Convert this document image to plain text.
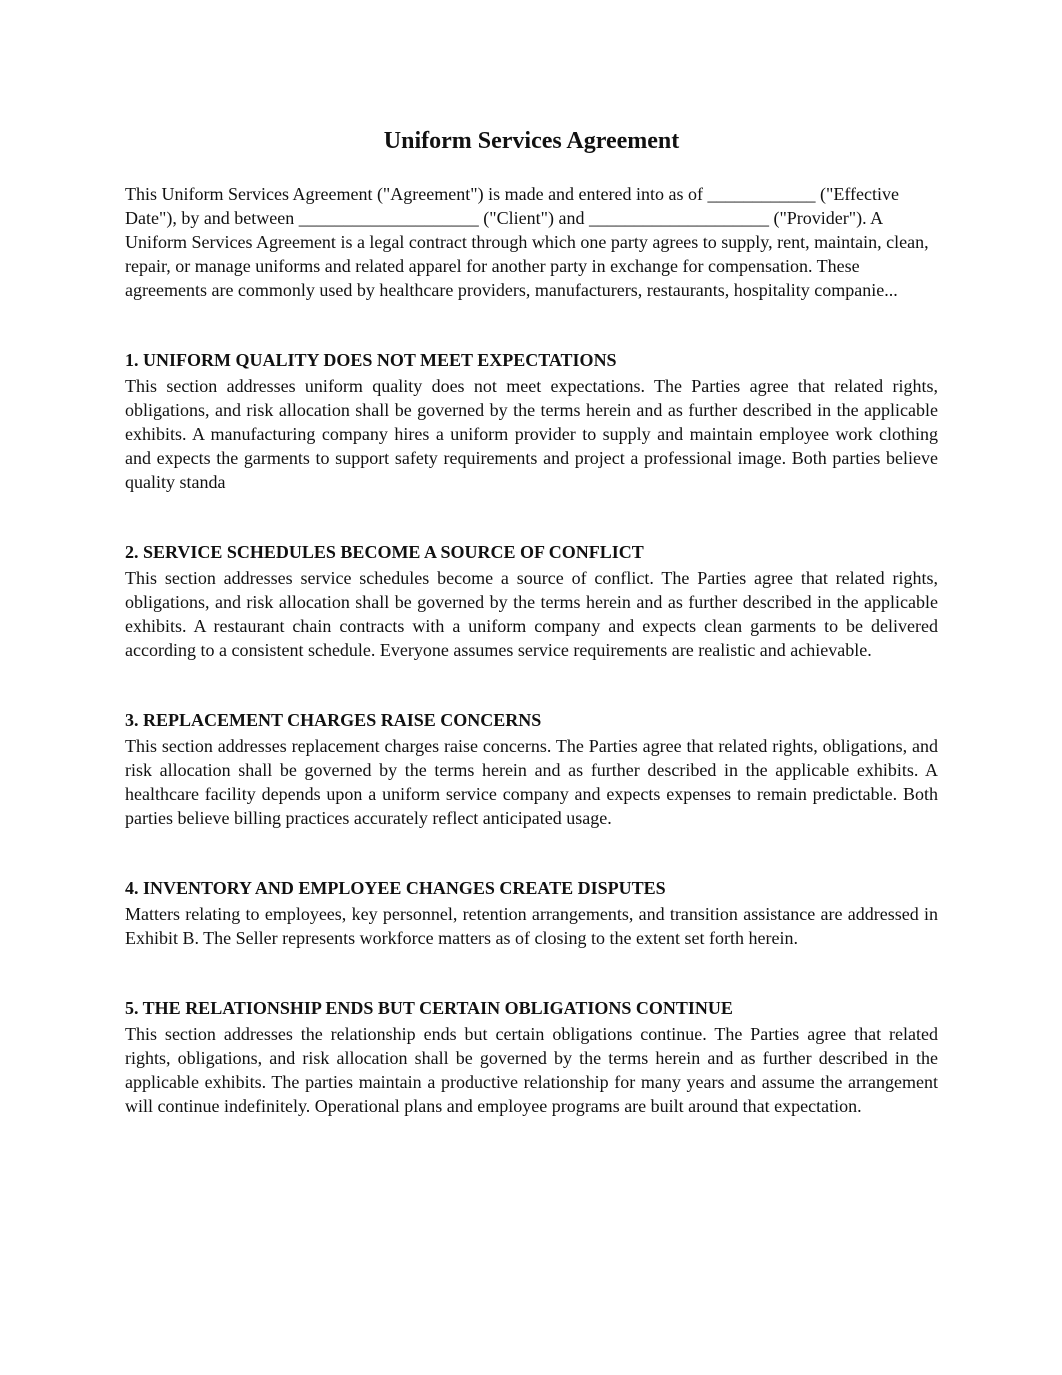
Uniform Services Agreement

This Uniform Services Agreement ("Agreement") is made and entered into as of ____________ ("Effective Date"), by and between ____________________ ("Client") and ____________________ ("Provider"). A Uniform Services Agreement is a legal contract through which one party agrees to supply, rent, maintain, clean, repair, or manage uniforms and related apparel for another party in exchange for compensation. These agreements are commonly used by healthcare providers, manufacturers, restaurants, hospitality companie...

1. UNIFORM QUALITY DOES NOT MEET EXPECTATIONS

This section addresses uniform quality does not meet expectations. The Parties agree that related rights, obligations, and risk allocation shall be governed by the terms herein and as further described in the applicable exhibits. A manufacturing company hires a uniform provider to supply and maintain employee work clothing and expects the garments to support safety requirements and project a professional image. Both parties believe quality standa

2. SERVICE SCHEDULES BECOME A SOURCE OF CONFLICT

This section addresses service schedules become a source of conflict. The Parties agree that related rights, obligations, and risk allocation shall be governed by the terms herein and as further described in the applicable exhibits. A restaurant chain contracts with a uniform company and expects clean garments to be delivered according to a consistent schedule. Everyone assumes service requirements are realistic and achievable.

3. REPLACEMENT CHARGES RAISE CONCERNS

This section addresses replacement charges raise concerns. The Parties agree that related rights, obligations, and risk allocation shall be governed by the terms herein and as further described in the applicable exhibits. A healthcare facility depends upon a uniform service company and expects expenses to remain predictable. Both parties believe billing practices accurately reflect anticipated usage.

4. INVENTORY AND EMPLOYEE CHANGES CREATE DISPUTES

Matters relating to employees, key personnel, retention arrangements, and transition assistance are addressed in Exhibit B. The Seller represents workforce matters as of closing to the extent set forth herein.

5. THE RELATIONSHIP ENDS BUT CERTAIN OBLIGATIONS CONTINUE

This section addresses the relationship ends but certain obligations continue. The Parties agree that related rights, obligations, and risk allocation shall be governed by the terms herein and as further described in the applicable exhibits. The parties maintain a productive relationship for many years and assume the arrangement will continue indefinitely. Operational plans and employee programs are built around that expectation.
